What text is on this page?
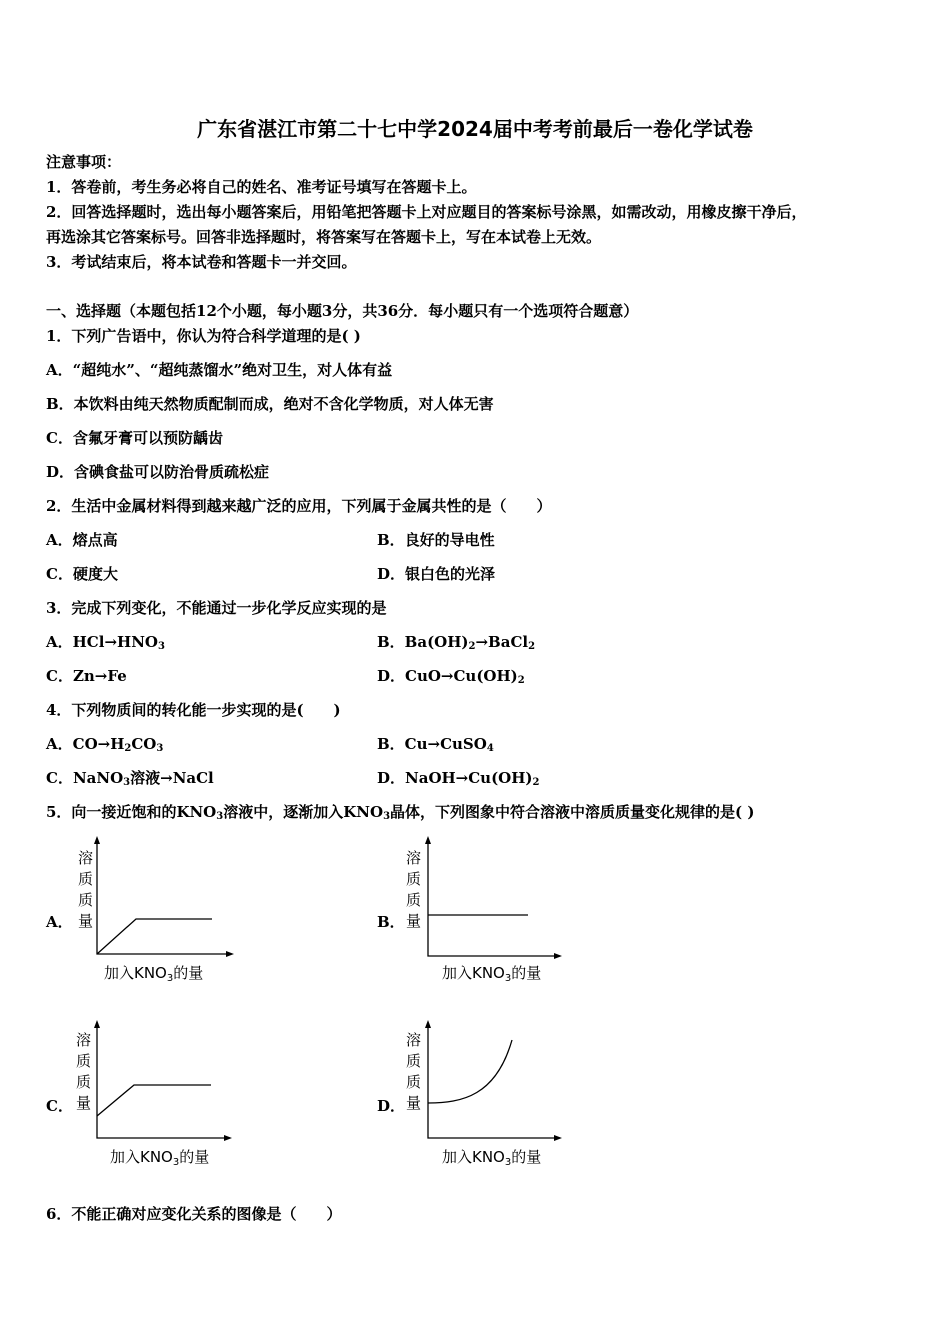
广东省湛江市第二十七中学2024届中考考前最后一卷化学试卷
注意事项：
1．答卷前，考生务必将自己的姓名、准考证号填写在答题卡上。
2．回答选择题时，选出每小题答案后，用铅笔把答题卡上对应题目的答案标号涂黑，如需改动，用橡皮擦干净后，
再选涂其它答案标号。回答非选择题时，将答案写在答题卡上，写在本试卷上无效。
3．考试结束后，将本试卷和答题卡一并交回。
一、选择题（本题包括12个小题，每小题3分，共36分．每小题只有一个选项符合题意）
1．下列广告语中，你认为符合科学道理的是( )
A．“超纯水”、“超纯蒸馏水”绝对卫生，对人体有益
B．本饮料由纯天然物质配制而成，绝对不含化学物质，对人体无害
C．含氟牙膏可以预防龋齿
D．含碘食盐可以防治骨质疏松症
2．生活中金属材料得到越来越广泛的应用，下列属于金属共性的是（　　）
A．熔点高	B．良好的导电性
C．硬度大	D．银白色的光泽
3．完成下列变化，不能通过一步化学反应实现的是
A．$HCl\to HNO_3$	B．$Ba(OH)_2\to BaCl_2$
C．Zn→Fe	D．$CuO\to Cu(OH)_2$
4．下列物质间的转化能一步实现的是(　　)
A．$CO\to H_2CO_3$	B．Cu→CuSO$_4$
C．NaNO$_3$溶液→NaCl	D．$NaOH\to Cu(OH)_2$
5．向一接近饱和的$KNO_3$溶液中，逐渐加入$KNO_3$晶体，下列图象中符合溶液中溶质质量变化规律的是( )
A．
溶
质
质
量
加入$KNO_3$的量
B．
溶
质
质
量
加入$KNO_3$的量
C．
溶
质
质
量
加入$KNO_3$的量
D．
溶
质
质
量
加入$KNO_3$的量
6．不能正确对应变化关系的图像是（　　）
